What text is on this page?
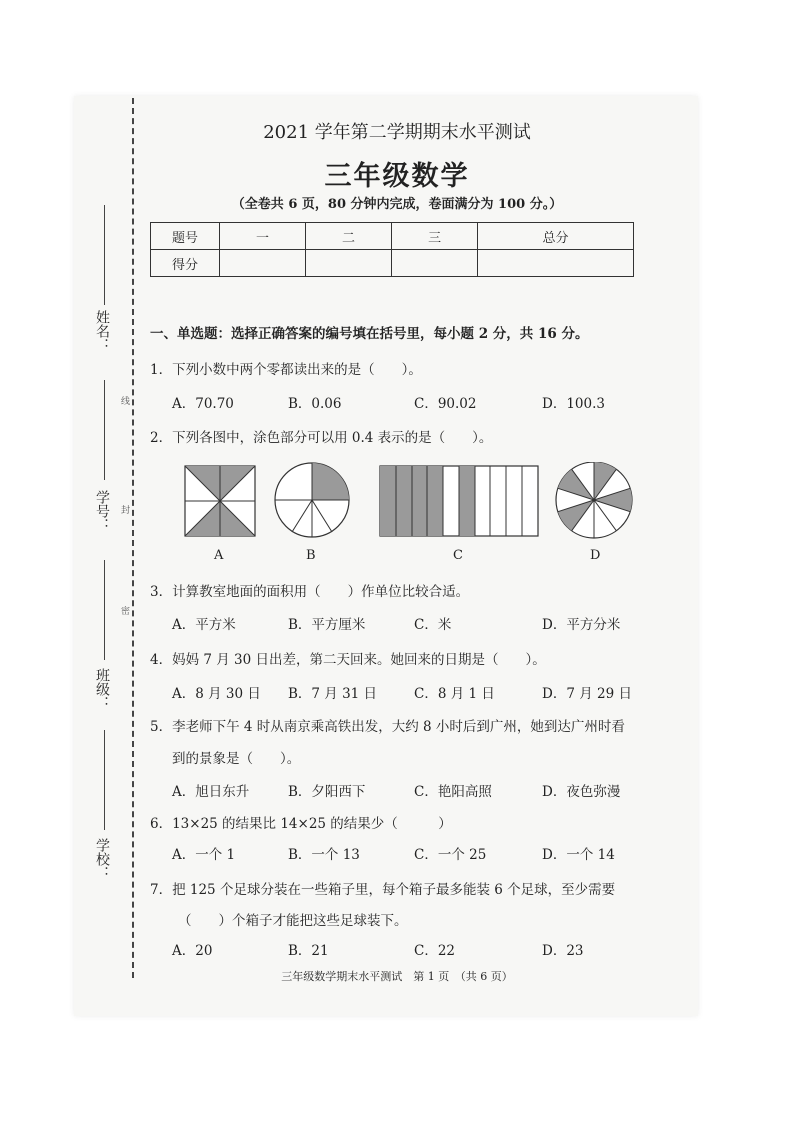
姓名：
学号：
班级：
学校：
线
封
密
2021 学年第二学期期末水平测试
三年级数学
（全卷共 6 页，80 分钟内完成，卷面满分为 100 分。）
题号	一	二	三	总分
得分				
一、单选题：选择正确答案的编号填在括号里，每小题 2 分，共 16 分。
1．下列小数中两个零都读出来的是（　　）。
A．70.70	B．0.06	C．90.02	D．100.3
2．下列各图中，涂色部分可以用 0.4 表示的是（　　）。
A	B	C	D
3．计算教室地面的面积用（　　）作单位比较合适。
A．平方米	B．平方厘米	C．米	D．平方分米
4．妈妈 7 月 30 日出差，第二天回来。她回来的日期是（　　）。
A．8 月 30 日 B．7 月 31 日	C．8 月 1 日	D．7 月 29 日
5．李老师下午 4 时从南京乘高铁出发，大约 8 小时后到广州，她到达广州时看
到的景象是（　　）。
A．旭日东升	B．夕阳西下	C．艳阳高照	D．夜色弥漫
6．13×25 的结果比 14×25 的结果少（　　　）
A．一个 1	B．一个 13	C．一个 25	D．一个 14
7．把 125 个足球分装在一些箱子里，每个箱子最多能装 6 个足球，至少需要
（　　）个箱子才能把这些足球装下。
A．20	B．21	C．22	D．23
三年级数学期末水平测试　第 1 页　（共 6 页）
